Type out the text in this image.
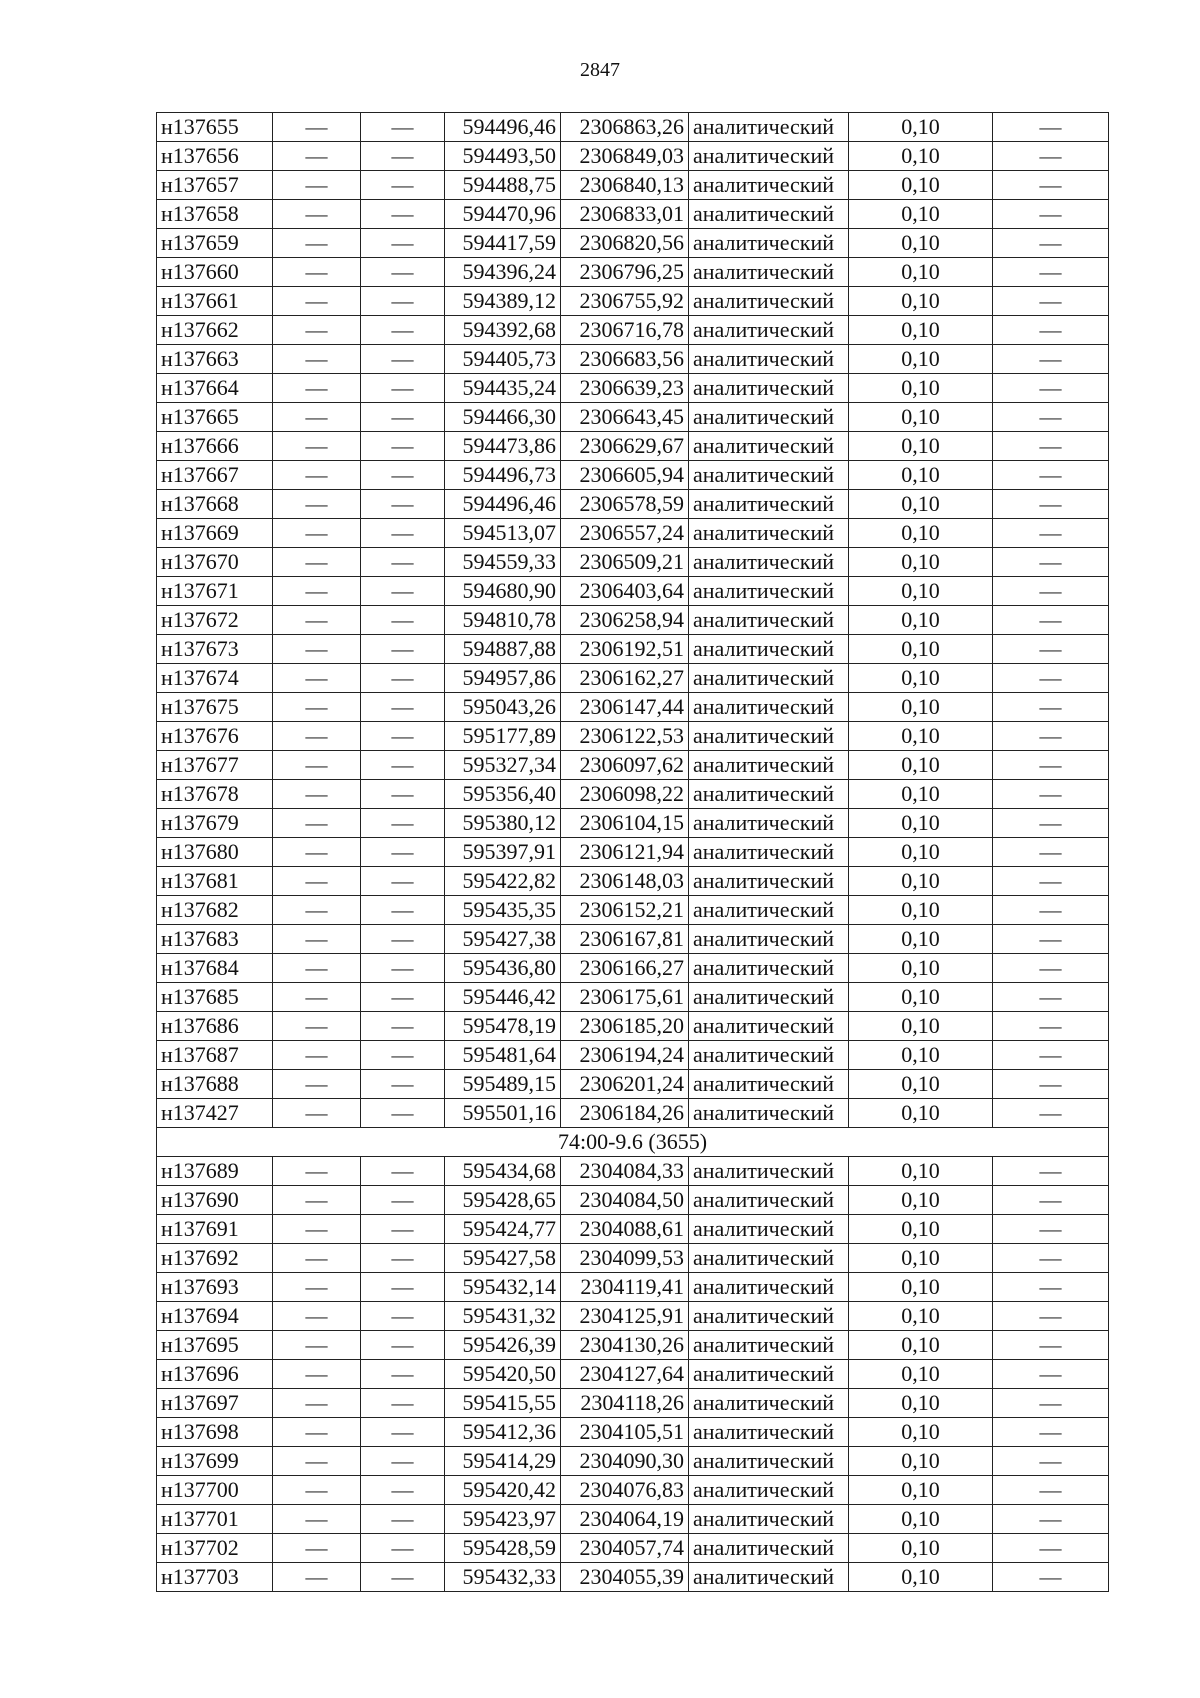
2847
н137655	—	—	594496,46	2306863,26	аналитический	0,10	—
н137656	—	—	594493,50	2306849,03	аналитический	0,10	—
н137657	—	—	594488,75	2306840,13	аналитический	0,10	—
н137658	—	—	594470,96	2306833,01	аналитический	0,10	—
н137659	—	—	594417,59	2306820,56	аналитический	0,10	—
н137660	—	—	594396,24	2306796,25	аналитический	0,10	—
н137661	—	—	594389,12	2306755,92	аналитический	0,10	—
н137662	—	—	594392,68	2306716,78	аналитический	0,10	—
н137663	—	—	594405,73	2306683,56	аналитический	0,10	—
н137664	—	—	594435,24	2306639,23	аналитический	0,10	—
н137665	—	—	594466,30	2306643,45	аналитический	0,10	—
н137666	—	—	594473,86	2306629,67	аналитический	0,10	—
н137667	—	—	594496,73	2306605,94	аналитический	0,10	—
н137668	—	—	594496,46	2306578,59	аналитический	0,10	—
н137669	—	—	594513,07	2306557,24	аналитический	0,10	—
н137670	—	—	594559,33	2306509,21	аналитический	0,10	—
н137671	—	—	594680,90	2306403,64	аналитический	0,10	—
н137672	—	—	594810,78	2306258,94	аналитический	0,10	—
н137673	—	—	594887,88	2306192,51	аналитический	0,10	—
н137674	—	—	594957,86	2306162,27	аналитический	0,10	—
н137675	—	—	595043,26	2306147,44	аналитический	0,10	—
н137676	—	—	595177,89	2306122,53	аналитический	0,10	—
н137677	—	—	595327,34	2306097,62	аналитический	0,10	—
н137678	—	—	595356,40	2306098,22	аналитический	0,10	—
н137679	—	—	595380,12	2306104,15	аналитический	0,10	—
н137680	—	—	595397,91	2306121,94	аналитический	0,10	—
н137681	—	—	595422,82	2306148,03	аналитический	0,10	—
н137682	—	—	595435,35	2306152,21	аналитический	0,10	—
н137683	—	—	595427,38	2306167,81	аналитический	0,10	—
н137684	—	—	595436,80	2306166,27	аналитический	0,10	—
н137685	—	—	595446,42	2306175,61	аналитический	0,10	—
н137686	—	—	595478,19	2306185,20	аналитический	0,10	—
н137687	—	—	595481,64	2306194,24	аналитический	0,10	—
н137688	—	—	595489,15	2306201,24	аналитический	0,10	—
н137427	—	—	595501,16	2306184,26	аналитический	0,10	—
74:00-9.6 (3655)							
н137689	—	—	595434,68	2304084,33	аналитический	0,10	—
н137690	—	—	595428,65	2304084,50	аналитический	0,10	—
н137691	—	—	595424,77	2304088,61	аналитический	0,10	—
н137692	—	—	595427,58	2304099,53	аналитический	0,10	—
н137693	—	—	595432,14	2304119,41	аналитический	0,10	—
н137694	—	—	595431,32	2304125,91	аналитический	0,10	—
н137695	—	—	595426,39	2304130,26	аналитический	0,10	—
н137696	—	—	595420,50	2304127,64	аналитический	0,10	—
н137697	—	—	595415,55	2304118,26	аналитический	0,10	—
н137698	—	—	595412,36	2304105,51	аналитический	0,10	—
н137699	—	—	595414,29	2304090,30	аналитический	0,10	—
н137700	—	—	595420,42	2304076,83	аналитический	0,10	—
н137701	—	—	595423,97	2304064,19	аналитический	0,10	—
н137702	—	—	595428,59	2304057,74	аналитический	0,10	—
н137703	—	—	595432,33	2304055,39	аналитический	0,10	—
